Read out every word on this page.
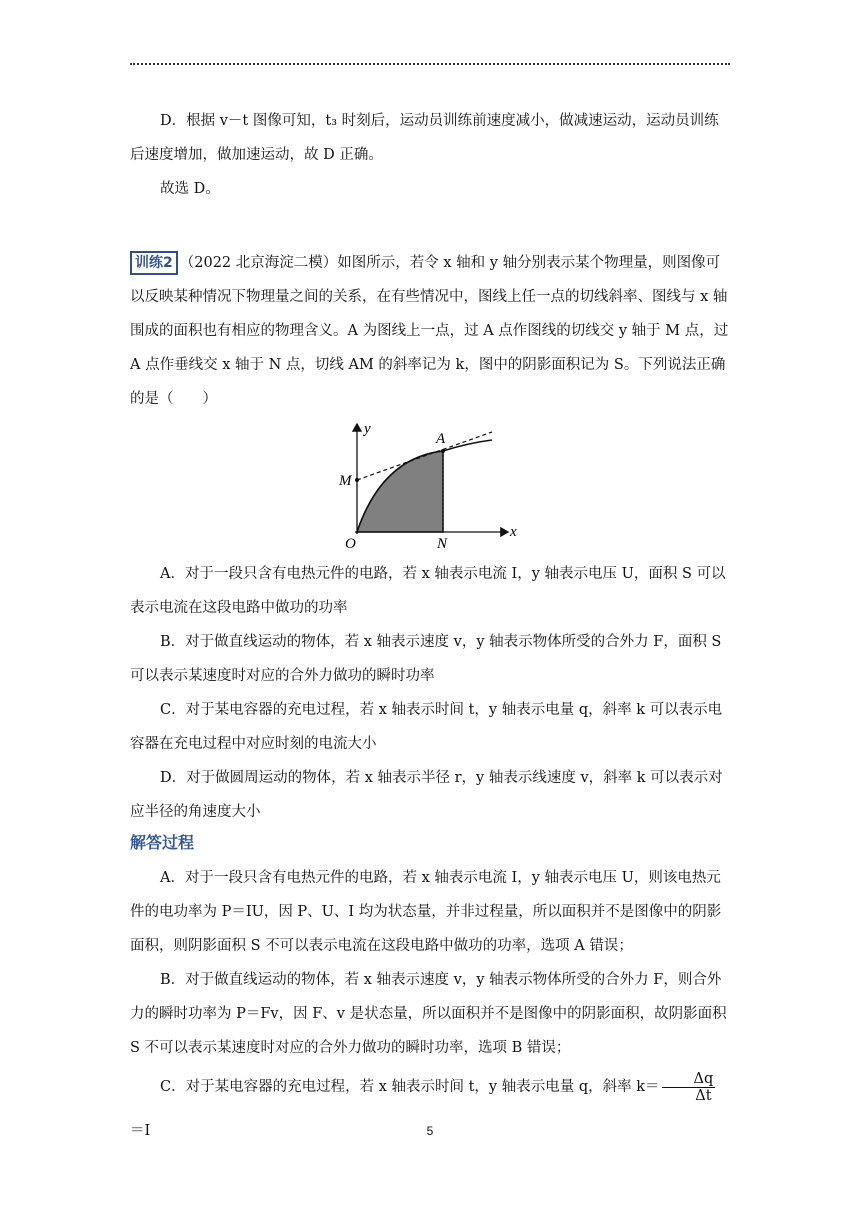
D．根据 v－t 图像可知，t₃ 时刻后，运动员训练前速度减小，做减速运动，运动员训练后速度增加，做加速运动，故 D 正确。

故选 D。

训练2 （2022 北京海淀二模）如图所示，若令 x 轴和 y 轴分别表示某个物理量，则图像可以反映某种情况下物理量之间的关系，在有些情况中，图线上任一点的切线斜率、图线与 x 轴围成的面积也有相应的物理含义。A 为图线上一点，过 A 点作图线的切线交 y 轴于 M 点，过 A 点作垂线交 x 轴于 N 点，切线 AM 的斜率记为 k，图中的阴影面积记为 S。下列说法正确的是（　　）

y
x
A
M
O	N

A．对于一段只含有电热元件的电路，若 x 轴表示电流 I，y 轴表示电压 U，面积 S 可以表示电流在这段电路中做功的功率

B．对于做直线运动的物体，若 x 轴表示速度 v，y 轴表示物体所受的合外力 F，面积 S 可以表示某速度时对应的合外力做功的瞬时功率

C．对于某电容器的充电过程，若 x 轴表示时间 t，y 轴表示电量 q，斜率 k 可以表示电容器在充电过程中对应时刻的电流大小

D．对于做圆周运动的物体，若 x 轴表示半径 r，y 轴表示线速度 v，斜率 k 可以表示对应半径的角速度大小

解答过程

A．对于一段只含有电热元件的电路，若 x 轴表示电流 I，y 轴表示电压 U，则该电热元件的电功率为 P＝IU，因 P、U、I 均为状态量，并非过程量，所以面积并不是图像中的阴影面积，则阴影面积 S 不可以表示电流在这段电路中做功的功率，选项 A 错误；

B．对于做直线运动的物体，若 x 轴表示速度 v，y 轴表示物体所受的合外力 F，则合外力的瞬时功率为 P＝Fv，因 F、v 是状态量，所以面积并不是图像中的阴影面积，故阴影面积 S 不可以表示某速度时对应的合外力做功的瞬时功率，选项 B 错误；

C．对于某电容器的充电过程，若 x 轴表示时间 t，y 轴表示电量 q，斜率 $k= \frac{\Delta q}{\Delta t}$
＝I	5
